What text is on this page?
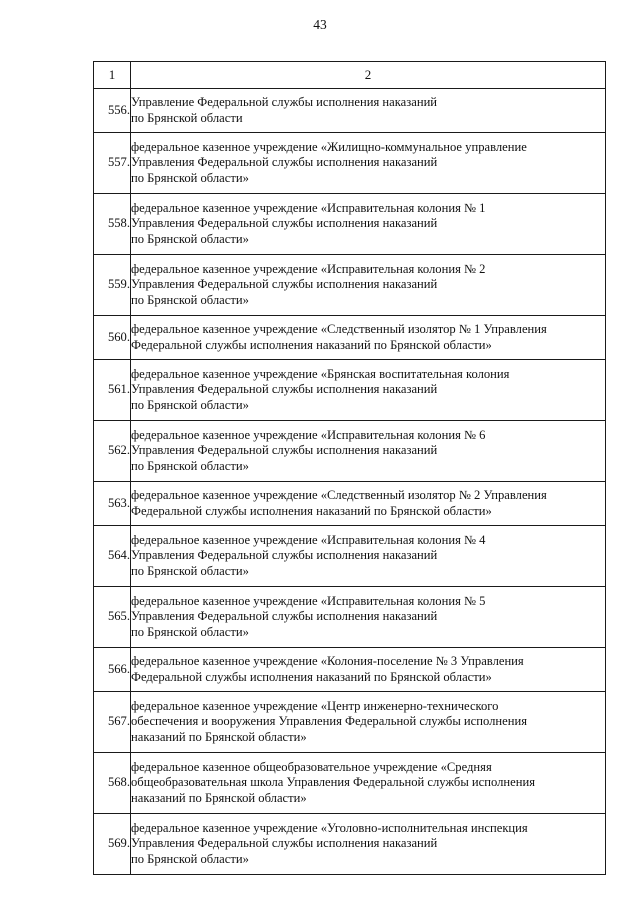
43
1	2
556.	Управление Федеральной службы исполнения наказаний
по Брянской области
557.	федеральное казенное учреждение «Жилищно-коммунальное управление
Управления Федеральной службы исполнения наказаний
по Брянской области»
558.	федеральное казенное учреждение «Исправительная колония № 1
Управления Федеральной службы исполнения наказаний
по Брянской области»
559.	федеральное казенное учреждение «Исправительная колония № 2
Управления Федеральной службы исполнения наказаний
по Брянской области»
560.	федеральное казенное учреждение «Следственный изолятор № 1 Управления
Федеральной службы исполнения наказаний по Брянской области»
561.	федеральное казенное учреждение «Брянская воспитательная колония
Управления Федеральной службы исполнения наказаний
по Брянской области»
562.	федеральное казенное учреждение «Исправительная колония № 6
Управления Федеральной службы исполнения наказаний
по Брянской области»
563.	федеральное казенное учреждение «Следственный изолятор № 2 Управления
Федеральной службы исполнения наказаний по Брянской области»
564.	федеральное казенное учреждение «Исправительная колония № 4
Управления Федеральной службы исполнения наказаний
по Брянской области»
565.	федеральное казенное учреждение «Исправительная колония № 5
Управления Федеральной службы исполнения наказаний
по Брянской области»
566.	федеральное казенное учреждение «Колония-поселение № 3 Управления
Федеральной службы исполнения наказаний по Брянской области»
567.	федеральное казенное учреждение «Центр инженерно-технического
обеспечения и вооружения Управления Федеральной службы исполнения
наказаний по Брянской области»
568.	федеральное казенное общеобразовательное учреждение «Средняя
общеобразовательная школа Управления Федеральной службы исполнения
наказаний по Брянской области»
569.	федеральное казенное учреждение «Уголовно-исполнительная инспекция
Управления Федеральной службы исполнения наказаний
по Брянской области»
